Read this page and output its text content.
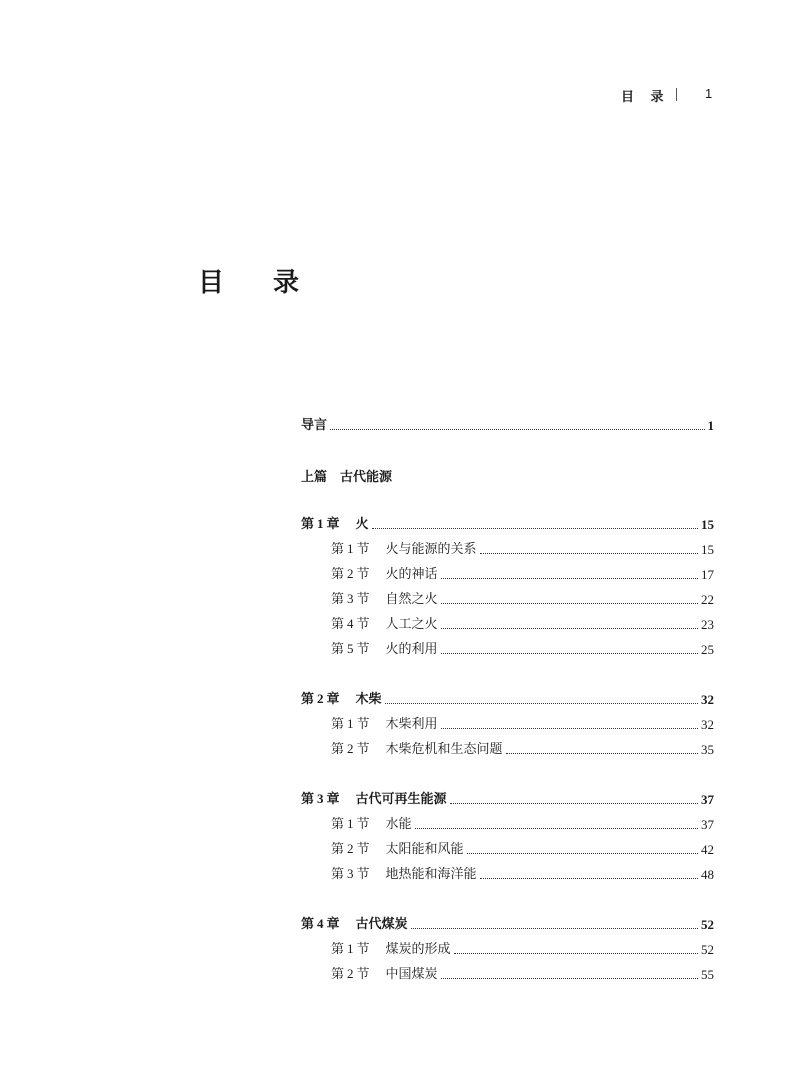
目 录	1
目 录
导言	1
上篇　古代能源
第 1 章 火	15
第 1 节 火与能源的关系	15
第 2 节 火的神话	17
第 3 节 自然之火	22
第 4 节 人工之火	23
第 5 节 火的利用	25
第 2 章 木柴	32
第 1 节 木柴利用	32
第 2 节 木柴危机和生态问题	35
第 3 章 古代可再生能源	37
第 1 节 水能	37
第 2 节 太阳能和风能	42
第 3 节 地热能和海洋能	48
第 4 章 古代煤炭	52
第 1 节 煤炭的形成	52
第 2 节 中国煤炭	55
